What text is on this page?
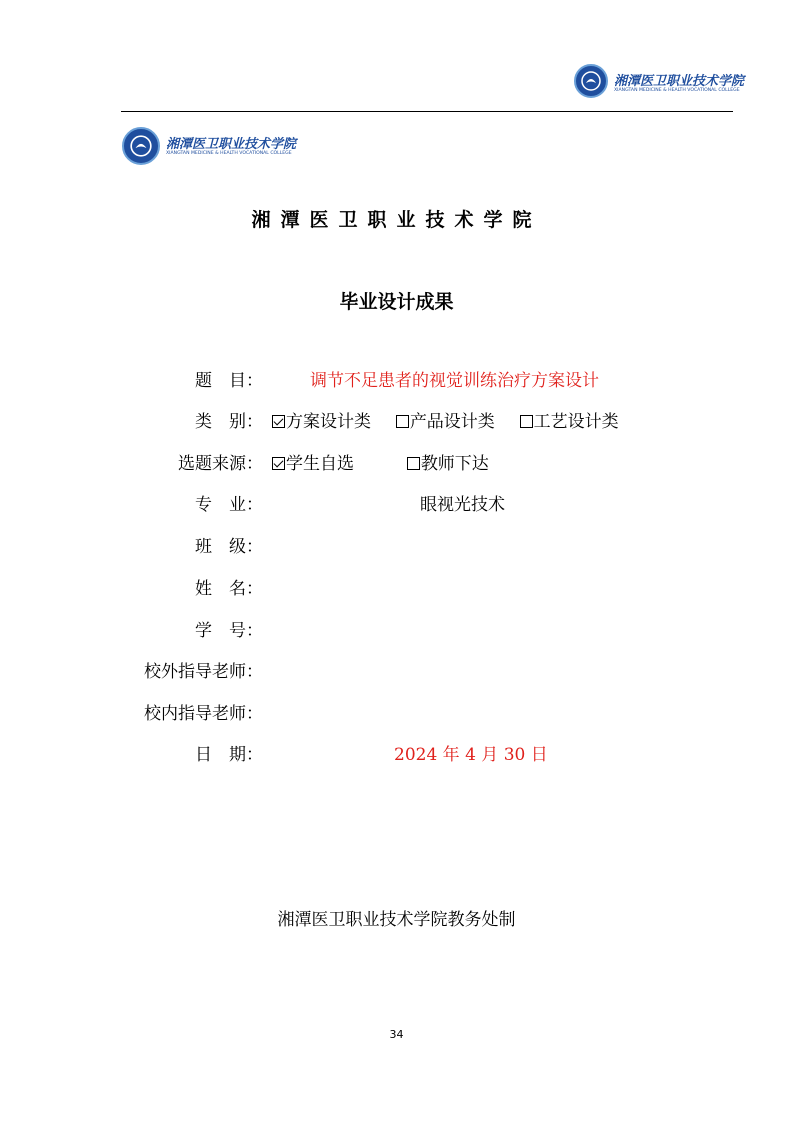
湘潭医卫职业技术学院
XIANGTAN MEDICINE & HEALTH VOCATIONAL COLLEGE
湘潭医卫职业技术学院
XIANGTAN MEDICINE & HEALTH VOCATIONAL COLLEGE
湘潭医卫职业技术学院
毕业设计成果
题　目：	调节不足患者的视觉训练治疗方案设计
类　别：	方案设计类 产品设计类 工艺设计类
选题来源：	学生自选	教师下达
专　业：	眼视光技术
班　级：
姓　名：
学　号：
校外指导老师：
校内指导老师：
日　期：	2024 年 4 月 30 日
湘潭医卫职业技术学院教务处制
34
